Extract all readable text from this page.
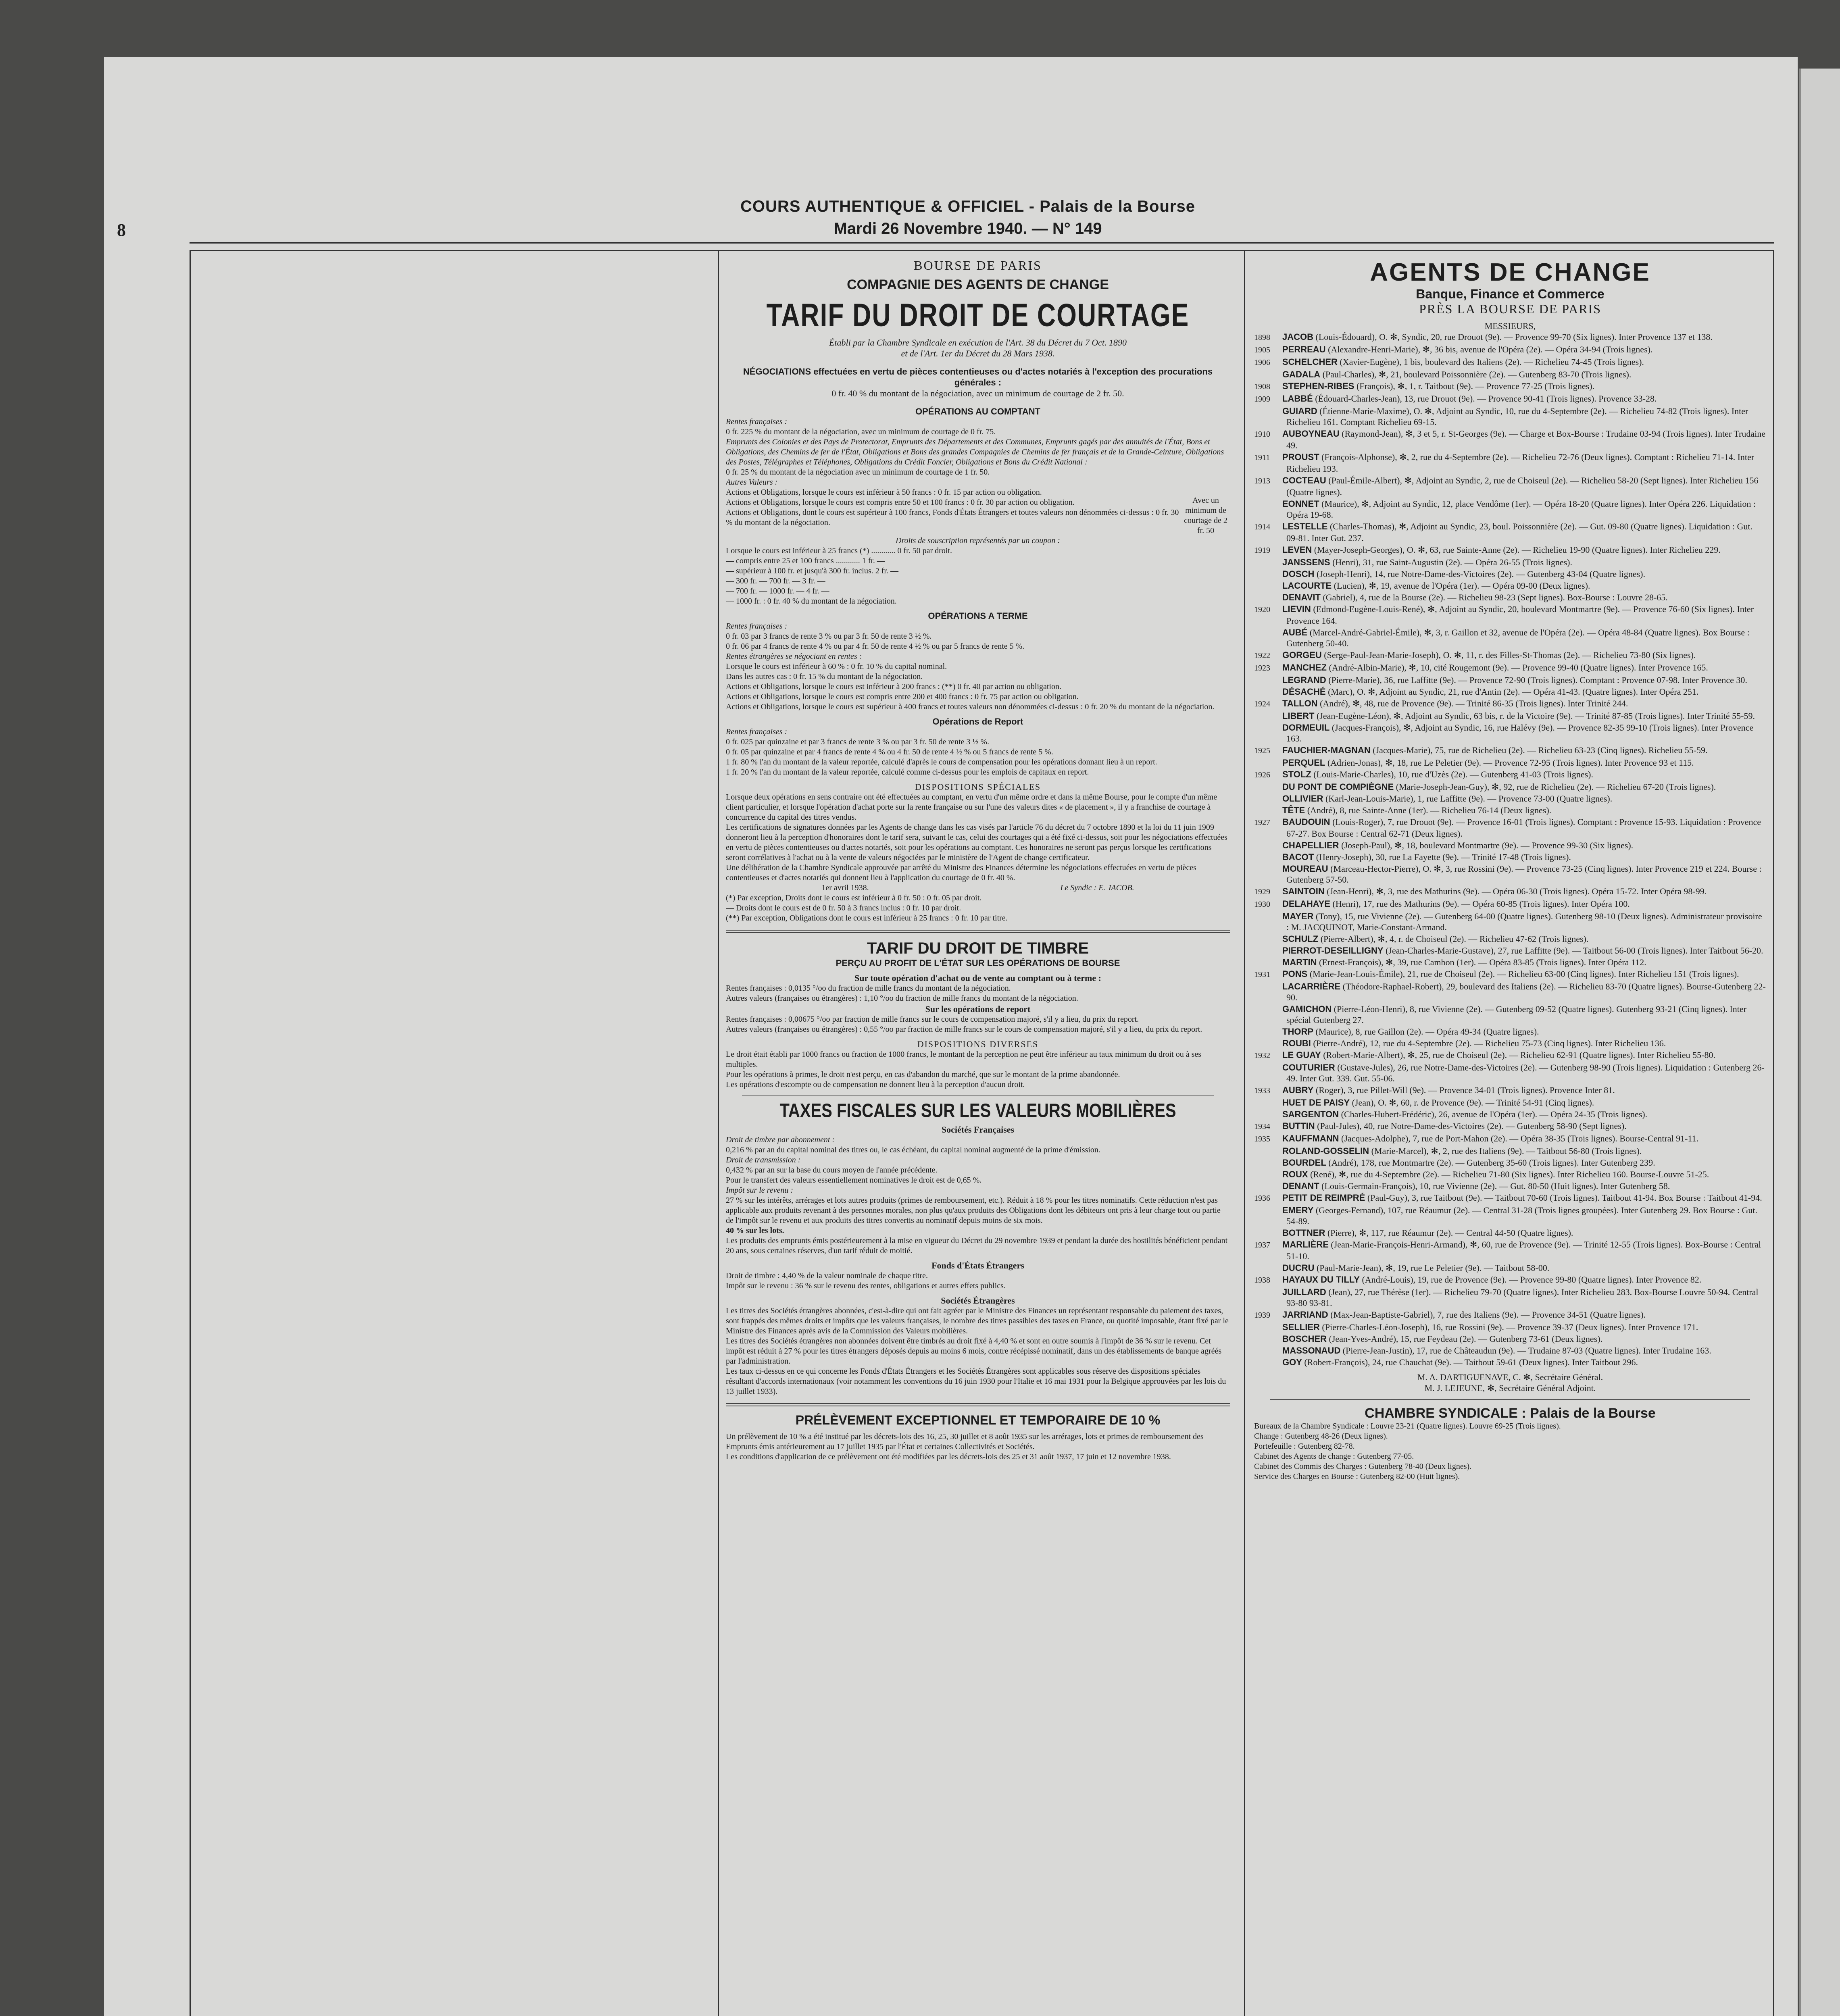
8
COURS AUTHENTIQUE & OFFICIEL - Palais de la Bourse
Mardi 26 Novembre 1940. — N° 149
BOURSE DE PARIS
COMPAGNIE DES AGENTS DE CHANGE
TARIF DU DROIT DE COURTAGE
Établi par la Chambre Syndicale en exécution de l'Art. 38 du Décret du 7 Oct. 1890
et de l'Art. 1er du Décret du 28 Mars 1938.
NÉGOCIATIONS effectuées en vertu de pièces contentieuses ou d'actes notariés à l'exception des procurations générales :
0 fr. 40 % du montant de la négociation, avec un minimum de courtage de 2 fr. 50.
OPÉRATIONS AU COMPTANT
Rentes françaises :
0 fr. 225 % du montant de la négociation, avec un minimum de courtage de 0 fr. 75.
Emprunts des Colonies et des Pays de Protectorat, Emprunts des Départements et des Communes, Emprunts gagés par des annuités de l'État, Bons et Obligations, des Chemins de fer de l'État, Obligations et Bons des grandes Compagnies de Chemins de fer français et de la Grande-Ceinture, Obligations des Postes, Télégraphes et Téléphones, Obligations du Crédit Foncier, Obligations et Bons du Crédit National :
0 fr. 25 % du montant de la négociation avec un minimum de courtage de 1 fr. 50.
Autres Valeurs :
Actions et Obligations, lorsque le cours est inférieur à 50 francs : 0 fr. 15 par action ou obligation.
Actions et Obligations, lorsque le cours est compris entre 50 et 100 francs : 0 fr. 30 par action ou obligation.
Actions et Obligations, dont le cours est supérieur à 100 francs, Fonds d'États Étrangers et toutes valeurs non dénommées ci-dessus : 0 fr. 30 % du montant de la négociation.
Avec un minimum de courtage de 2 fr. 50
Droits de souscription représentés par un coupon :
Lorsque le cours est inférieur à 25 francs (*) ............ 0 fr. 50 par droit.
— compris entre 25 et 100 francs ............ 1 fr. —
— supérieur à 100 fr. et jusqu'à 300 fr. inclus. 2 fr. —
— 300 fr. — 700 fr. — 3 fr. —
— 700 fr. — 1000 fr. — 4 fr. —
— 1000 fr. : 0 fr. 40 % du montant de la négociation.
OPÉRATIONS A TERME
Rentes françaises :
0 fr. 03 par 3 francs de rente 3 % ou par 3 fr. 50 de rente 3 ½ %.
0 fr. 06 par 4 francs de rente 4 % ou par 4 fr. 50 de rente 4 ½ % ou par 5 francs de rente 5 %.
Rentes étrangères se négociant en rentes :
Lorsque le cours est inférieur à 60 % : 0 fr. 10 % du capital nominal.
Dans les autres cas : 0 fr. 15 % du montant de la négociation.
Actions et Obligations, lorsque le cours est inférieur à 200 francs : (**) 0 fr. 40 par action ou obligation.
Actions et Obligations, lorsque le cours est compris entre 200 et 400 francs : 0 fr. 75 par action ou obligation.
Actions et Obligations, lorsque le cours est supérieur à 400 francs et toutes valeurs non dénommées ci-dessus : 0 fr. 20 % du montant de la négociation.
Opérations de Report
Rentes françaises :
0 fr. 025 par quinzaine et par 3 francs de rente 3 % ou par 3 fr. 50 de rente 3 ½ %.
0 fr. 05 par quinzaine et par 4 francs de rente 4 % ou 4 fr. 50 de rente 4 ½ % ou 5 francs de rente 5 %.
1 fr. 80 % l'an du montant de la valeur reportée, calculé d'après le cours de compensation pour les opérations donnant lieu à un report.
1 fr. 20 % l'an du montant de la valeur reportée, calculé comme ci-dessus pour les emplois de capitaux en report.
DISPOSITIONS SPÉCIALES
Lorsque deux opérations en sens contraire ont été effectuées au comptant, en vertu d'un même ordre et dans la même Bourse, pour le compte d'un même client particulier, et lorsque l'opération d'achat porte sur la rente française ou sur l'une des valeurs dites « de placement », il y a franchise de courtage à concurrence du capital des titres vendus.
Les certifications de signatures données par les Agents de change dans les cas visés par l'article 76 du décret du 7 octobre 1890 et la loi du 11 juin 1909 donneront lieu à la perception d'honoraires dont le tarif sera, suivant le cas, celui des courtages qui a été fixé ci-dessus, soit pour les négociations effectuées en vertu de pièces contentieuses ou d'actes notariés, soit pour les opérations au comptant. Ces honoraires ne seront pas perçus lorsque les certifications seront corrélatives à l'achat ou à la vente de valeurs négociées par le ministère de l'Agent de change certificateur.
Une délibération de la Chambre Syndicale approuvée par arrêté du Ministre des Finances détermine les négociations effectuées en vertu de pièces contentieuses et d'actes notariés qui donnent lieu à l'application du courtage de 0 fr. 40 %.
1er avril 1938.	Le Syndic : E. JACOB.
(*) Par exception, Droits dont le cours est inférieur à 0 fr. 50 : 0 fr. 05 par droit.
— Droits dont le cours est de 0 fr. 50 à 3 francs inclus : 0 fr. 10 par droit.
(**) Par exception, Obligations dont le cours est inférieur à 25 francs : 0 fr. 10 par titre.
TARIF DU DROIT DE TIMBRE
PERÇU AU PROFIT DE L'ÉTAT SUR LES OPÉRATIONS DE BOURSE
Sur toute opération d'achat ou de vente au comptant ou à terme :
Rentes françaises : 0,0135 °/oo du fraction de mille francs du montant de la négociation.
Autres valeurs (françaises ou étrangères) : 1,10 °/oo du fraction de mille francs du montant de la négociation.
Sur les opérations de report
Rentes françaises : 0,00675 °/oo par fraction de mille francs sur le cours de compensation majoré, s'il y a lieu, du prix du report.
Autres valeurs (françaises ou étrangères) : 0,55 °/oo par fraction de mille francs sur le cours de compensation majoré, s'il y a lieu, du prix du report.
DISPOSITIONS DIVERSES
Le droit était établi par 1000 francs ou fraction de 1000 francs, le montant de la perception ne peut être inférieur au taux minimum du droit ou à ses multiples.
Pour les opérations à primes, le droit n'est perçu, en cas d'abandon du marché, que sur le montant de la prime abandonnée.
Les opérations d'escompte ou de compensation ne donnent lieu à la perception d'aucun droit.
TAXES FISCALES SUR LES VALEURS MOBILIÈRES
Sociétés Françaises
Droit de timbre par abonnement :
0,216 % par an du capital nominal des titres ou, le cas échéant, du capital nominal augmenté de la prime d'émission.
Droit de transmission :
0,432 % par an sur la base du cours moyen de l'année précédente.
Pour le transfert des valeurs essentiellement nominatives le droit est de 0,65 %.
Impôt sur le revenu :
27 % sur les intérêts, arrérages et lots autres produits (primes de remboursement, etc.). Réduit à 18 % pour les titres nominatifs. Cette réduction n'est pas applicable aux produits revenant à des personnes morales, non plus qu'aux produits des Obligations dont les débiteurs ont pris à leur charge tout ou partie de l'impôt sur le revenu et aux produits des titres convertis au nominatif depuis moins de six mois.
40 % sur les lots.
Les produits des emprunts émis postérieurement à la mise en vigueur du Décret du 29 novembre 1939 et pendant la durée des hostilités bénéficient pendant 20 ans, sous certaines réserves, d'un tarif réduit de moitié.
Fonds d'États Étrangers
Droit de timbre : 4,40 % de la valeur nominale de chaque titre.
Impôt sur le revenu : 36 % sur le revenu des rentes, obligations et autres effets publics.
Sociétés Étrangères
Les titres des Sociétés étrangères abonnées, c'est-à-dire qui ont fait agréer par le Ministre des Finances un représentant responsable du paiement des taxes, sont frappés des mêmes droits et impôts que les valeurs françaises, le nombre des titres passibles des taxes en France, ou quotité imposable, étant fixé par le Ministre des Finances après avis de la Commission des Valeurs mobilières.
Les titres des Sociétés étrangères non abonnées doivent être timbrés au droit fixé à 4,40 % et sont en outre soumis à l'impôt de 36 % sur le revenu. Cet impôt est réduit à 27 % pour les titres étrangers déposés depuis au moins 6 mois, contre récépissé nominatif, dans un des établissements de banque agréés par l'administration.
Les taux ci-dessus en ce qui concerne les Fonds d'États Étrangers et les Sociétés Étrangères sont applicables sous réserve des dispositions spéciales résultant d'accords internationaux (voir notamment les conventions du 16 juin 1930 pour l'Italie et 16 mai 1931 pour la Belgique approuvées par les lois du 13 juillet 1933).
PRÉLÈVEMENT EXCEPTIONNEL ET TEMPORAIRE DE 10 %
Un prélèvement de 10 % a été institué par les décrets-lois des 16, 25, 30 juillet et 8 août 1935 sur les arrérages, lots et primes de remboursement des Emprunts émis antérieurement au 17 juillet 1935 par l'État et certaines Collectivités et Sociétés.
Les conditions d'application de ce prélèvement ont été modifiées par les décrets-lois des 25 et 31 août 1937, 17 juin et 12 novembre 1938.
AGENTS DE CHANGE
Banque, Finance et Commerce
PRÈS LA BOURSE DE PARIS
MESSIEURS,
1898 JACOB (Louis-Édouard), O. ✻, Syndic, 20, rue Drouot (9e). — Provence 99-70 (Six lignes). Inter Provence 137 et 138.
1905 PERREAU (Alexandre-Henri-Marie), ✻, 36 bis, avenue de l'Opéra (2e). — Opéra 34-94 (Trois lignes).
1906 SCHELCHER (Xavier-Eugène), 1 bis, boulevard des Italiens (2e). — Richelieu 74-45 (Trois lignes).
GADALA (Paul-Charles), ✻, 21, boulevard Poissonnière (2e). — Gutenberg 83-70 (Trois lignes).
1908 STEPHEN-RIBES (François), ✻, 1, r. Taitbout (9e). — Provence 77-25 (Trois lignes).
1909 LABBÉ (Édouard-Charles-Jean), 13, rue Drouot (9e). — Provence 90-41 (Trois lignes). Provence 33-28.
GUIARD (Étienne-Marie-Maxime), O. ✻, Adjoint au Syndic, 10, rue du 4-Septembre (2e). — Richelieu 74-82 (Trois lignes). Inter Richelieu 161. Comptant Richelieu 69-15.
1910 AUBOYNEAU (Raymond-Jean), ✻, 3 et 5, r. St-Georges (9e). — Charge et Box-Bourse : Trudaine 03-94 (Trois lignes). Inter Trudaine 49.
1911 PROUST (François-Alphonse), ✻, 2, rue du 4-Septembre (2e). — Richelieu 72-76 (Deux lignes). Comptant : Richelieu 71-14. Inter Richelieu 193.
1913 COCTEAU (Paul-Émile-Albert), ✻, Adjoint au Syndic, 2, rue de Choiseul (2e). — Richelieu 58-20 (Sept lignes). Inter Richelieu 156 (Quatre lignes).
EONNET (Maurice), ✻, Adjoint au Syndic, 12, place Vendôme (1er). — Opéra 18-20 (Quatre lignes). Inter Opéra 226. Liquidation : Opéra 19-68.
1914 LESTELLE (Charles-Thomas), ✻, Adjoint au Syndic, 23, boul. Poissonnière (2e). — Gut. 09-80 (Quatre lignes). Liquidation : Gut. 09-81. Inter Gut. 237.
1919 LEVEN (Mayer-Joseph-Georges), O. ✻, 63, rue Sainte-Anne (2e). — Richelieu 19-90 (Quatre lignes). Inter Richelieu 229.
JANSSENS (Henri), 31, rue Saint-Augustin (2e). — Opéra 26-55 (Trois lignes).
DOSCH (Joseph-Henri), 14, rue Notre-Dame-des-Victoires (2e). — Gutenberg 43-04 (Quatre lignes).
LACOURTE (Lucien), ✻, 19, avenue de l'Opéra (1er). — Opéra 09-00 (Deux lignes).
DENAVIT (Gabriel), 4, rue de la Bourse (2e). — Richelieu 98-23 (Sept lignes). Box-Bourse : Louvre 28-65.
1920 LIEVIN (Edmond-Eugène-Louis-René), ✻, Adjoint au Syndic, 20, boulevard Montmartre (9e). — Provence 76-60 (Six lignes). Inter Provence 164.
AUBÉ (Marcel-André-Gabriel-Émile), ✻, 3, r. Gaillon et 32, avenue de l'Opéra (2e). — Opéra 48-84 (Quatre lignes). Box Bourse : Gutenberg 50-40.
1922 GORGEU (Serge-Paul-Jean-Marie-Joseph), O. ✻, 11, r. des Filles-St-Thomas (2e). — Richelieu 73-80 (Six lignes).
1923 MANCHEZ (André-Albin-Marie), ✻, 10, cité Rougemont (9e). — Provence 99-40 (Quatre lignes). Inter Provence 165.
LEGRAND (Pierre-Marie), 36, rue Laffitte (9e). — Provence 72-90 (Trois lignes). Comptant : Provence 07-98. Inter Provence 30.
DÉSACHÉ (Marc), O. ✻, Adjoint au Syndic, 21, rue d'Antin (2e). — Opéra 41-43. (Quatre lignes). Inter Opéra 251.
1924 TALLON (André), ✻, 48, rue de Provence (9e). — Trinité 86-35 (Trois lignes). Inter Trinité 244.
LIBERT (Jean-Eugène-Léon), ✻, Adjoint au Syndic, 63 bis, r. de la Victoire (9e). — Trinité 87-85 (Trois lignes). Inter Trinité 55-59.
DORMEUIL (Jacques-François), ✻, Adjoint au Syndic, 16, rue Halévy (9e). — Provence 82-35 99-10 (Trois lignes). Inter Provence 163.
1925 FAUCHIER-MAGNAN (Jacques-Marie), 75, rue de Richelieu (2e). — Richelieu 63-23 (Cinq lignes). Richelieu 55-59.
PERQUEL (Adrien-Jonas), ✻, 18, rue Le Peletier (9e). — Provence 72-95 (Trois lignes). Inter Provence 93 et 115.
1926 STOLZ (Louis-Marie-Charles), 10, rue d'Uzès (2e). — Gutenberg 41-03 (Trois lignes).
DU PONT DE COMPIÈGNE (Marie-Joseph-Jean-Guy), ✻, 92, rue de Richelieu (2e). — Richelieu 67-20 (Trois lignes).
OLLIVIER (Karl-Jean-Louis-Marie), 1, rue Laffitte (9e). — Provence 73-00 (Quatre lignes).
TÊTE (André), 8, rue Sainte-Anne (1er). — Richelieu 76-14 (Deux lignes).
1927 BAUDOUIN (Louis-Roger), 7, rue Drouot (9e). — Provence 16-01 (Trois lignes). Comptant : Provence 15-93. Liquidation : Provence 67-27. Box Bourse : Central 62-71 (Deux lignes).
CHAPELLIER (Joseph-Paul), ✻, 18, boulevard Montmartre (9e). — Provence 99-30 (Six lignes).
BACOT (Henry-Joseph), 30, rue La Fayette (9e). — Trinité 17-48 (Trois lignes).
MOUREAU (Marceau-Hector-Pierre), O. ✻, 3, rue Rossini (9e). — Provence 73-25 (Cinq lignes). Inter Provence 219 et 224. Bourse : Gutenberg 57-50.
1929 SAINTOIN (Jean-Henri), ✻, 3, rue des Mathurins (9e). — Opéra 06-30 (Trois lignes). Opéra 15-72. Inter Opéra 98-99.
1930 DELAHAYE (Henri), 17, rue des Mathurins (9e). — Opéra 60-85 (Trois lignes). Inter Opéra 100.
MAYER (Tony), 15, rue Vivienne (2e). — Gutenberg 64-00 (Quatre lignes). Gutenberg 98-10 (Deux lignes). Administrateur provisoire : M. JACQUINOT, Marie-Constant-Armand.
SCHULZ (Pierre-Albert), ✻, 4, r. de Choiseul (2e). — Richelieu 47-62 (Trois lignes).
PIERROT-DESEILLIGNY (Jean-Charles-Marie-Gustave), 27, rue Laffitte (9e). — Taitbout 56-00 (Trois lignes). Inter Taitbout 56-20.
MARTIN (Ernest-François), ✻, 39, rue Cambon (1er). — Opéra 83-85 (Trois lignes). Inter Opéra 112.
1931 PONS (Marie-Jean-Louis-Émile), 21, rue de Choiseul (2e). — Richelieu 63-00 (Cinq lignes). Inter Richelieu 151 (Trois lignes).
LACARRIÈRE (Théodore-Raphael-Robert), 29, boulevard des Italiens (2e). — Richelieu 83-70 (Quatre lignes). Bourse-Gutenberg 22-90.
GAMICHON (Pierre-Léon-Henri), 8, rue Vivienne (2e). — Gutenberg 09-52 (Quatre lignes). Gutenberg 93-21 (Cinq lignes). Inter spécial Gutenberg 27.
THORP (Maurice), 8, rue Gaillon (2e). — Opéra 49-34 (Quatre lignes).
ROUBI (Pierre-André), 12, rue du 4-Septembre (2e). — Richelieu 75-73 (Cinq lignes). Inter Richelieu 136.
1932 LE GUAY (Robert-Marie-Albert), ✻, 25, rue de Choiseul (2e). — Richelieu 62-91 (Quatre lignes). Inter Richelieu 55-80.
COUTURIER (Gustave-Jules), 26, rue Notre-Dame-des-Victoires (2e). — Gutenberg 98-90 (Trois lignes). Liquidation : Gutenberg 26-49. Inter Gut. 339. Gut. 55-06.
1933 AUBRY (Roger), 3, rue Pillet-Will (9e). — Provence 34-01 (Trois lignes). Provence Inter 81.
HUET DE PAISY (Jean), O. ✻, 60, r. de Provence (9e). — Trinité 54-91 (Cinq lignes).
SARGENTON (Charles-Hubert-Frédéric), 26, avenue de l'Opéra (1er). — Opéra 24-35 (Trois lignes).
1934 BUTTIN (Paul-Jules), 40, rue Notre-Dame-des-Victoires (2e). — Gutenberg 58-90 (Sept lignes).
1935 KAUFFMANN (Jacques-Adolphe), 7, rue de Port-Mahon (2e). — Opéra 38-35 (Trois lignes). Bourse-Central 91-11.
ROLAND-GOSSELIN (Marie-Marcel), ✻, 2, rue des Italiens (9e). — Taitbout 56-80 (Trois lignes).
BOURDEL (André), 178, rue Montmartre (2e). — Gutenberg 35-60 (Trois lignes). Inter Gutenberg 239.
ROUX (René), ✻, rue du 4-Septembre (2e). — Richelieu 71-80 (Six lignes). Inter Richelieu 160. Bourse-Louvre 51-25.
DENANT (Louis-Germain-François), 10, rue Vivienne (2e). — Gut. 80-50 (Huit lignes). Inter Gutenberg 58.
1936 PETIT DE REIMPRÉ (Paul-Guy), 3, rue Taitbout (9e). — Taitbout 70-60 (Trois lignes). Taitbout 41-94. Box Bourse : Taitbout 41-94.
EMERY (Georges-Fernand), 107, rue Réaumur (2e). — Central 31-28 (Trois lignes groupées). Inter Gutenberg 29. Box Bourse : Gut. 54-89.
BOTTNER (Pierre), ✻, 117, rue Réaumur (2e). — Central 44-50 (Quatre lignes).
1937 MARLIÈRE (Jean-Marie-François-Henri-Armand), ✻, 60, rue de Provence (9e). — Trinité 12-55 (Trois lignes). Box-Bourse : Central 51-10.
DUCRU (Paul-Marie-Jean), ✻, 19, rue Le Peletier (9e). — Taitbout 58-00.
1938 HAYAUX DU TILLY (André-Louis), 19, rue de Provence (9e). — Provence 99-80 (Quatre lignes). Inter Provence 82.
JUILLARD (Jean), 27, rue Thérèse (1er). — Richelieu 79-70 (Quatre lignes). Inter Richelieu 283. Box-Bourse Louvre 50-94. Central 93-80 93-81.
1939 JARRIAND (Max-Jean-Baptiste-Gabriel), 7, rue des Italiens (9e). — Provence 34-51 (Quatre lignes).
SELLIER (Pierre-Charles-Léon-Joseph), 16, rue Rossini (9e). — Provence 39-37 (Deux lignes). Inter Provence 171.
BOSCHER (Jean-Yves-André), 15, rue Feydeau (2e). — Gutenberg 73-61 (Deux lignes).
MASSONAUD (Pierre-Jean-Justin), 17, rue de Châteaudun (9e). — Trudaine 87-03 (Quatre lignes). Inter Trudaine 163.
GOY (Robert-François), 24, rue Chauchat (9e). — Taitbout 59-61 (Deux lignes). Inter Taitbout 296.
M. A. DARTIGUENAVE, C. ✻, Secrétaire Général.
M. J. LEJEUNE, ✻, Secrétaire Général Adjoint.
CHAMBRE SYNDICALE : Palais de la Bourse
Bureaux de la Chambre Syndicale : Louvre 23-21 (Quatre lignes). Louvre 69-25 (Trois lignes).
Change : Gutenberg 48-26 (Deux lignes).
Portefeuille : Gutenberg 82-78.
Cabinet des Agents de change : Gutenberg 77-05.
Cabinet des Commis des Charges : Gutenberg 78-40 (Deux lignes).
Service des Charges en Bourse : Gutenberg 82-00 (Huit lignes).
